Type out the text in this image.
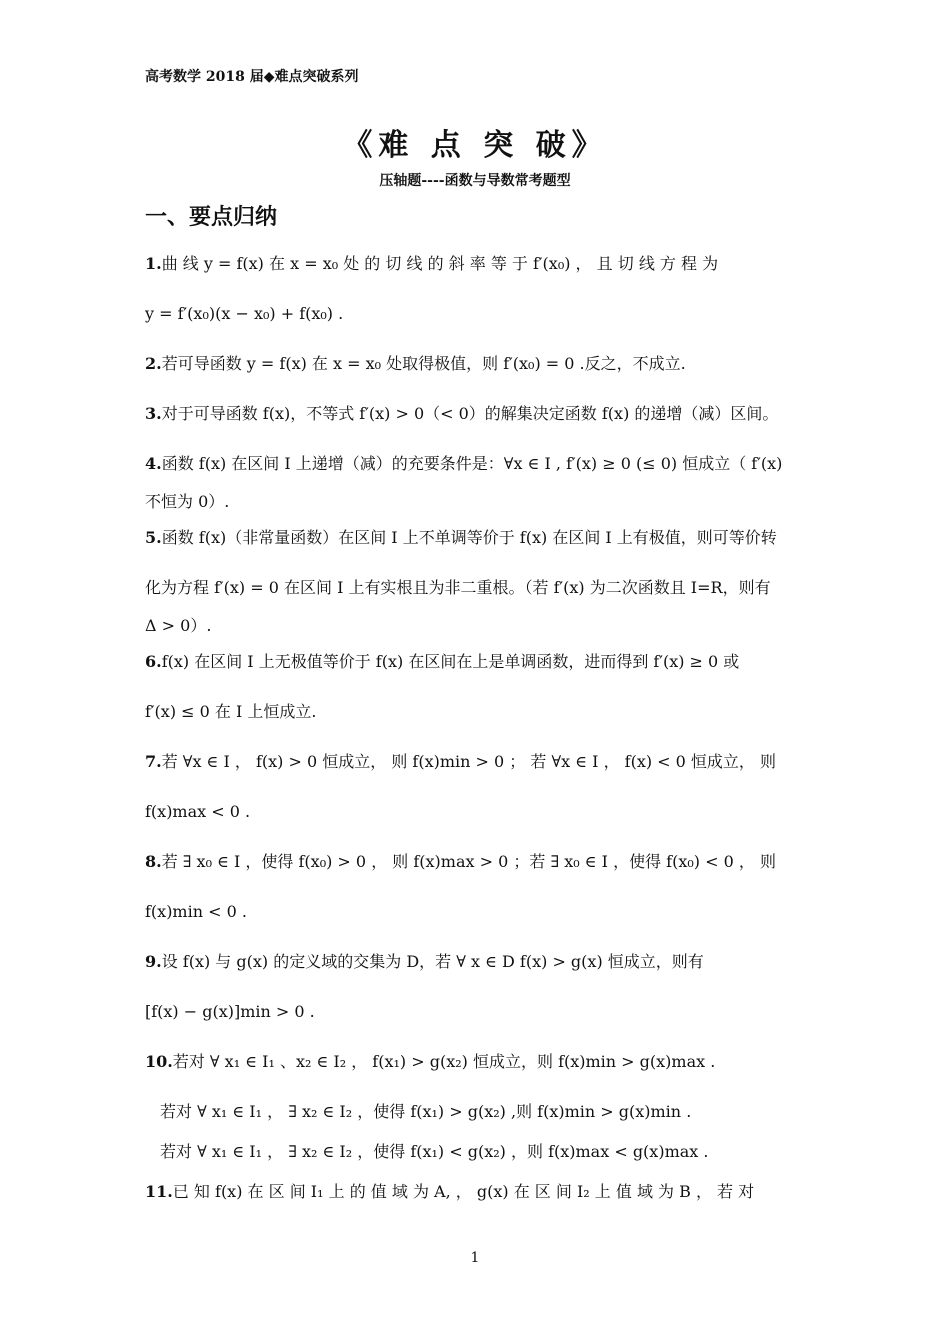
高考数学 2018 届◆难点突破系列
《难 点 突 破》
压轴题----函数与导数常考题型
一、要点归纳
1.曲 线 y = f(x) 在 x = x₀ 处 的 切 线 的 斜 率 等 于 f′(x₀) ， 且 切 线 方 程 为
y = f′(x₀)(x − x₀) + f(x₀) .
2.若可导函数 y = f(x) 在 x = x₀ 处取得极值，则 f′(x₀) = 0 .反之，不成立.
3.对于可导函数 f(x)，不等式 f′(x) > 0（< 0）的解集决定函数 f(x) 的递增（减）区间。
4.函数 f(x) 在区间 I 上递增（减）的充要条件是：∀x ∈ I , f′(x) ≥ 0 (≤ 0) 恒成立（ f′(x)
不恒为 0）.
5.函数 f(x)（非常量函数）在区间 I 上不单调等价于 f(x) 在区间 I 上有极值，则可等价转
化为方程 f′(x) = 0 在区间 I 上有实根且为非二重根。（若 f′(x) 为二次函数且 I=R，则有
Δ > 0）.
6.f(x) 在区间 I 上无极值等价于 f(x) 在区间在上是单调函数，进而得到 f′(x) ≥ 0 或
f′(x) ≤ 0 在 I 上恒成立.
7.若 ∀x ∈ I ， f(x) > 0 恒成立， 则 f(x)min > 0 ； 若 ∀x ∈ I ， f(x) < 0 恒成立， 则
f(x)max < 0 .
8.若 ∃ x₀ ∈ I ，使得 f(x₀) > 0 ， 则 f(x)max > 0 ；若 ∃ x₀ ∈ I ，使得 f(x₀) < 0 ， 则
f(x)min < 0 .
9.设 f(x) 与 g(x) 的定义域的交集为 D，若 ∀ x ∈ D f(x) > g(x) 恒成立，则有
[f(x) − g(x)]min > 0 .
10.若对 ∀ x₁ ∈ I₁ 、x₂ ∈ I₂ ， f(x₁) > g(x₂) 恒成立，则 f(x)min > g(x)max .
若对 ∀ x₁ ∈ I₁ ， ∃ x₂ ∈ I₂ ，使得 f(x₁) > g(x₂) ,则 f(x)min > g(x)min .
若对 ∀ x₁ ∈ I₁ ， ∃ x₂ ∈ I₂ ，使得 f(x₁) < g(x₂) ，则 f(x)max < g(x)max .
11.已 知 f(x) 在 区 间 I₁ 上 的 值 域 为 A, ， g(x) 在 区 间 I₂ 上 值 域 为 B ， 若 对
1
